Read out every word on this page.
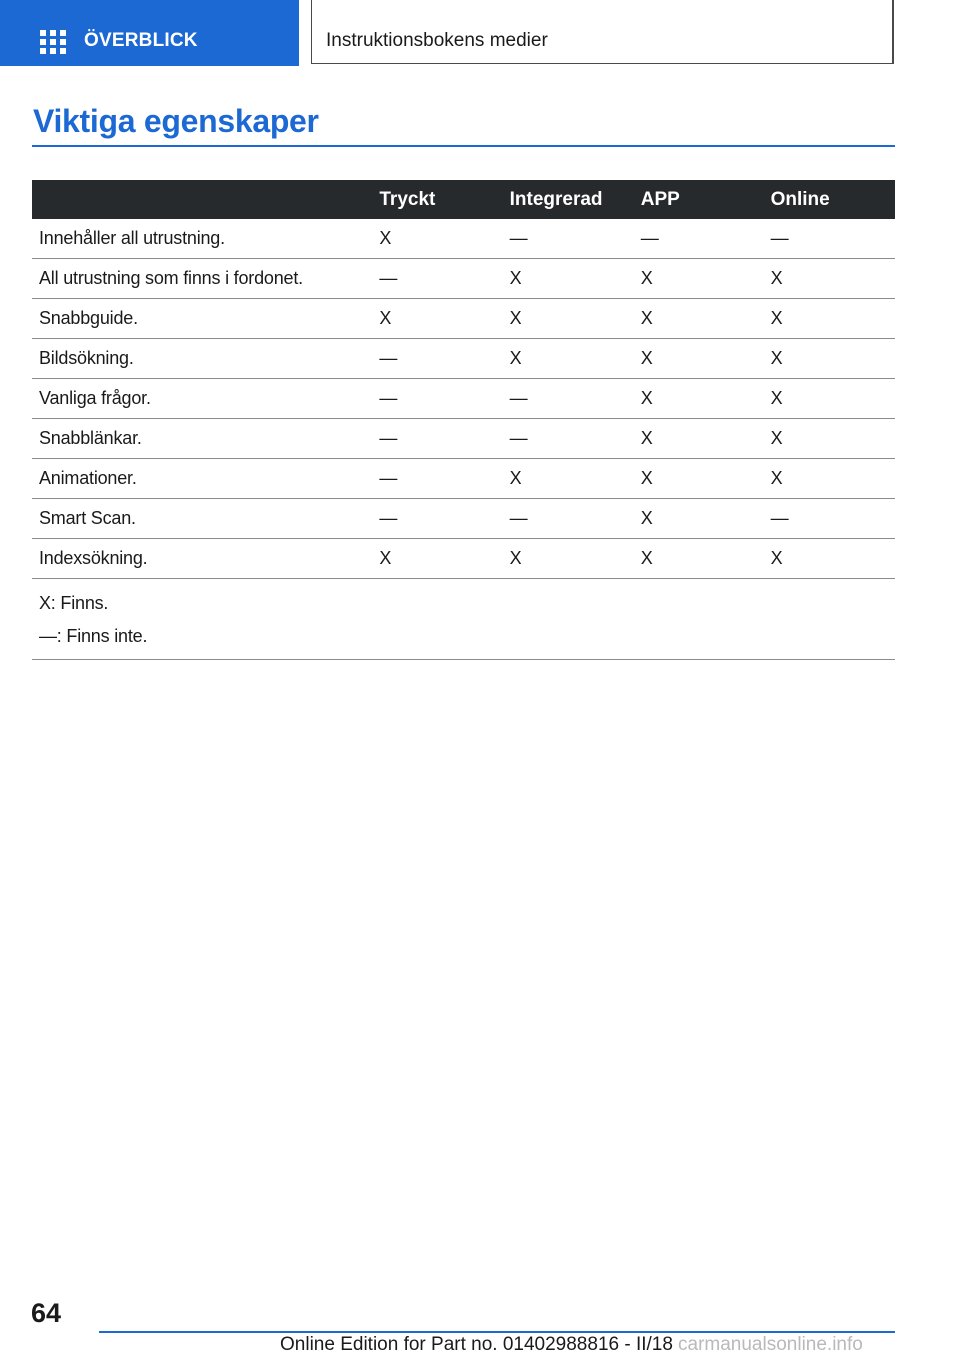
ÖVERBLICK	Instruktionsbokens medier
Viktiga egenskaper
	Tryckt	Integrerad	APP	Online
Innehåller all utrustning.	X	—	—	—
All utrustning som finns i fordonet.	—	X	X	X
Snabbguide.	X	X	X	X
Bildsökning.	—	X	X	X
Vanliga frågor.	—	—	X	X
Snabblänkar.	—	—	X	X
Animationer.	—	X	X	X
Smart Scan.	—	—	X	—
Indexsökning.	X	X	X	X

X: Finns.
—: Finns inte.				
64
Online Edition for Part no. 01402988816 - II/18 carmanualsonline.info
